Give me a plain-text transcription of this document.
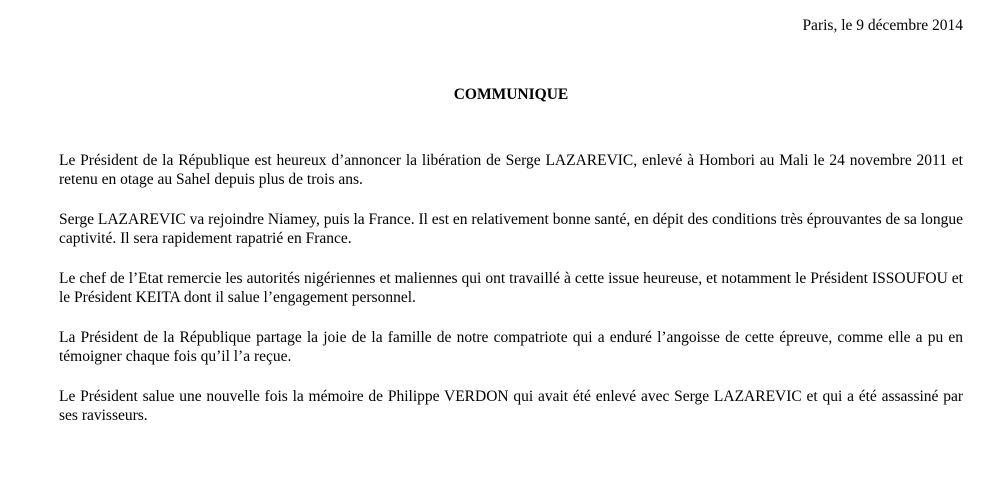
Paris, le 9 décembre 2014
COMMUNIQUE

Le Président de la République est heureux d’annoncer la libération de Serge LAZAREVIC, enlevé à Hombori au Mali le 24 novembre 2011 et retenu en otage au Sahel depuis plus de trois ans.

Serge LAZAREVIC va rejoindre Niamey, puis la France. Il est en relativement bonne santé, en dépit des conditions très éprouvantes de sa longue captivité. Il sera rapidement rapatrié en France.

Le chef de l’Etat remercie les autorités nigériennes et maliennes qui ont travaillé à cette issue heureuse, et notamment le Président ISSOUFOU et le Président KEITA dont il salue l’engagement personnel.

La Président de la République partage la joie de la famille de notre compatriote qui a enduré l’angoisse de cette épreuve, comme elle a pu en témoigner chaque fois qu’il l’a reçue.

Le Président salue une nouvelle fois la mémoire de Philippe VERDON qui avait été enlevé avec Serge LAZAREVIC et qui a été assassiné par ses ravisseurs.
